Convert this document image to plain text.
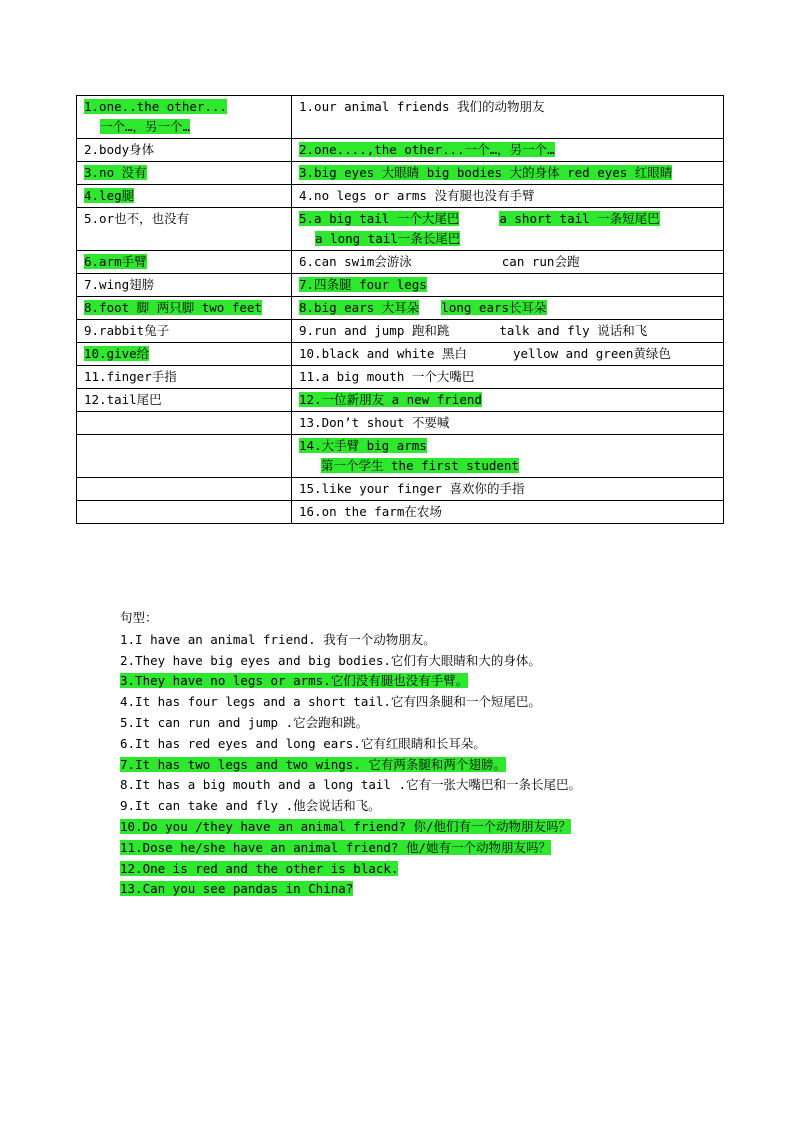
1.one..the other...
一个…，另一个…	1.our animal friends 我们的动物朋友

2.body身体	2.one....,the other...一个…，另一个…
3.no 没有	3.big eyes 大眼睛 big bodies 大的身体 red eyes 红眼睛
4.leg腿	4.no legs or arms 没有腿也没有手臂
5.or也不，也没有	5.a big tail 一个大尾巴 a short tail 一条短尾巴
a long tail一条长尾巴
6.arm手臂	6.can swim会游泳 can run会跑
7.wing翅膀	7.四条腿 four legs
8.foot 脚 两只脚 two feet	8.big ears 大耳朵 long ears长耳朵
9.rabbit兔子	9.run and jump 跑和跳 talk and fly 说话和飞
10.give给	10.black and white 黑白 yellow and green黄绿色
11.finger手指	11.a big mouth 一个大嘴巴
12.tail尾巴	12.一位新朋友 a new friend
	13.Don’t shout 不要喊
	14.大手臂 big arms
第一个学生 the first student
	15.like your finger 喜欢你的手指
	16.on the farm在农场
句型：
1.I have an animal friend. 我有一个动物朋友。
2.They have big eyes and big bodies.它们有大眼睛和大的身体。
3.They have no legs or arms.它们没有腿也没有手臂。
4.It has four legs and a short tail.它有四条腿和一个短尾巴。
5.It can run and jump .它会跑和跳。
6.It has red eyes and long ears.它有红眼睛和长耳朵。
7.It has two legs and two wings. 它有两条腿和两个翅膀。
8.It has a big mouth and a long tail .它有一张大嘴巴和一条长尾巴。
9.It can take and fly .他会说话和飞。
10.Do you /they have an animal friend? 你/他们有一个动物朋友吗？
11.Dose he/she have an animal friend? 他/她有一个动物朋友吗？
12.One is red and the other is black.
13.Can you see pandas in China?
